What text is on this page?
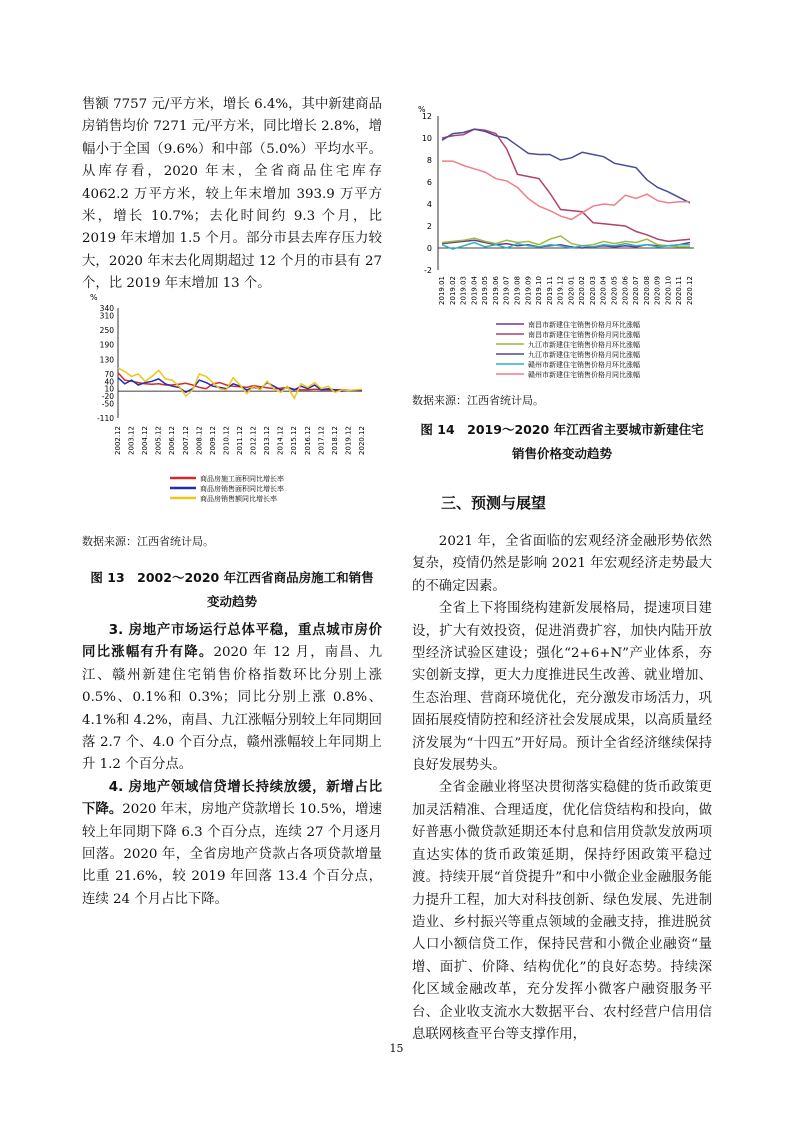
售额 7757 元/平方米，增长 6.4%，其中新建商品房销售均价 7271 元/平方米，同比增长 2.8%，增幅小于全国（9.6%）和中部（5.0%）平均水平。从库存看，2020 年末，全省商品住宅库存 4062.2 万平方米，较上年末增加 393.9 万平方米，增长 10.7%；去化时间约 9.3 个月，比 2019 年末增加 1.5 个月。部分市县去库存压力较大，2020 年末去化周期超过 12 个月的市县有 27 个，比 2019 年末增加 13 个。

%
340
310
250
190
130
70
40
10
-20
-50
-110
2002.12 2003.12 2004.12 2005.12 2006.12 2007.12 2008.12 2009.12 2010.12 2011.12 2012.12 2013.12 2014.12 2015.12 2016.12 2017.12 2018.12 2019.12 2020.12
商品房施工面积同比增长率
商品房销售面积同比增长率
商品房销售额同比增长率
数据来源：江西省统计局。
图 13　2002～2020 年江西省商品房施工和销售
变动趋势

3. 房地产市场运行总体平稳，重点城市房价同比涨幅有升有降。2020 年 12 月，南昌、九江、赣州新建住宅销售价格指数环比分别上涨 0.5%、0.1%和 0.3%；同比分别上涨 0.8%、4.1%和 4.2%，南昌、九江涨幅分别较上年同期回落 2.7 个、4.0 个百分点，赣州涨幅较上年同期上升 1.2 个百分点。

4. 房地产领域信贷增长持续放缓，新增占比下降。2020 年末，房地产贷款增长 10.5%，增速较上年同期下降 6.3 个百分点，连续 27 个月逐月回落。2020 年，全省房地产贷款占各项贷款增量比重 21.6%，较 2019 年回落 13.4 个百分点，连续 24 个月占比下降。

%
12
10
8
6
4
2
0
-2
2019.01 2019.02 2019.03 2019.04 2019.05 2019.06 2019.07 2019.08 2019.09 2019.10 2019.11 2019.12 2020.01 2020.02 2020.03 2020.04 2020.05 2020.06 2020.07 2020.08 2020.09 2020.10 2020.11 2020.12
南昌市新建住宅销售价格月环比涨幅
南昌市新建住宅销售价格月同比涨幅
九江市新建住宅销售价格月环比涨幅
九江市新建住宅销售价格月同比涨幅
赣州市新建住宅销售价格月环比涨幅
赣州市新建住宅销售价格月同比涨幅
数据来源：江西省统计局。
图 14　2019～2020 年江西省主要城市新建住宅
销售价格变动趋势
三、预测与展望

2021 年，全省面临的宏观经济金融形势依然复杂，疫情仍然是影响 2021 年宏观经济走势最大的不确定因素。

全省上下将围绕构建新发展格局，提速项目建设，扩大有效投资，促进消费扩容，加快内陆开放型经济试验区建设；强化“2+6+N”产业体系，夯实创新支撑，更大力度推进民生改善、就业增加、生态治理、营商环境优化，充分激发市场活力，巩固拓展疫情防控和经济社会发展成果，以高质量经济发展为“十四五”开好局。预计全省经济继续保持良好发展势头。

全省金融业将坚决贯彻落实稳健的货币政策更加灵活精准、合理适度，优化信贷结构和投向，做好普惠小微贷款延期还本付息和信用贷款发放两项直达实体的货币政策延期，保持纾困政策平稳过渡。持续开展“首贷提升”和中小微企业金融服务能力提升工程，加大对科技创新、绿色发展、先进制造业、乡村振兴等重点领域的金融支持，推进脱贫人口小额信贷工作，保持民营和小微企业融资“量增、面扩、价降、结构优化”的良好态势。持续深化区域金融改革，充分发挥小微客户融资服务平台、企业收支流水大数据平台、农村经营户信用信息联网核查平台等支撑作用，

15
